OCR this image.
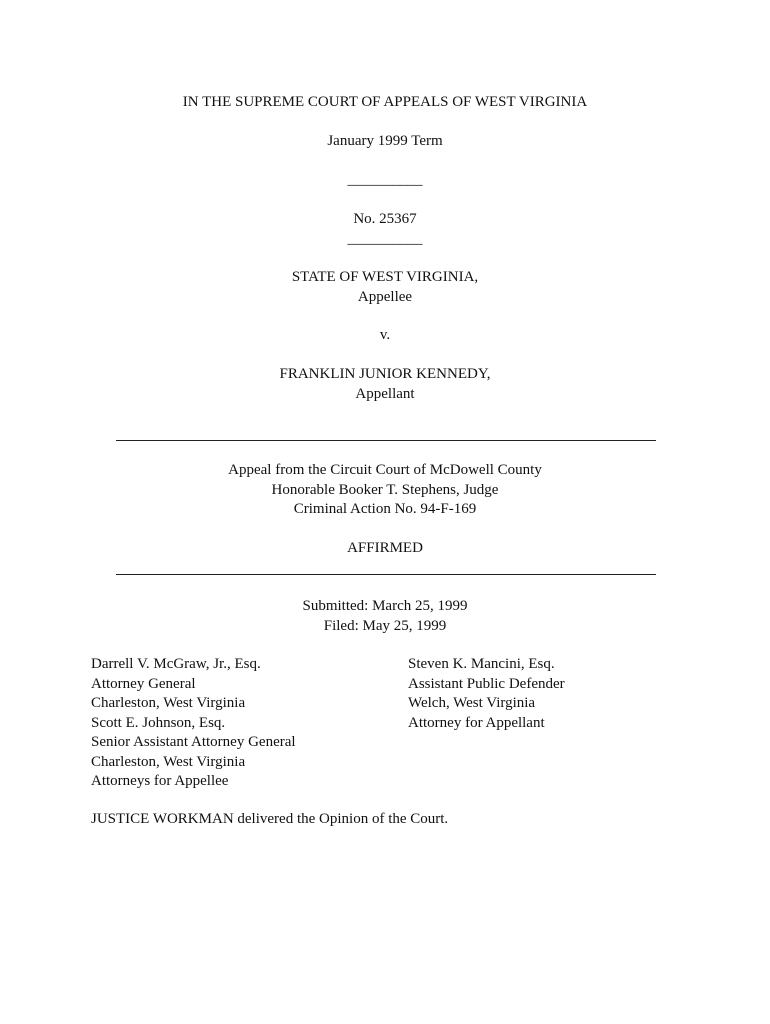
IN THE SUPREME COURT OF APPEALS OF WEST VIRGINIA
January 1999 Term
__________
No. 25367
__________
STATE OF WEST VIRGINIA,
Appellee
v.
FRANKLIN JUNIOR KENNEDY,
Appellant
Appeal from the Circuit Court of McDowell County
Honorable Booker T. Stephens, Judge
Criminal Action No. 94-F-169
AFFIRMED
Submitted: March 25, 1999
Filed: May 25, 1999
Darrell V. McGraw, Jr., Esq.
Attorney General
Charleston, West Virginia
Scott E. Johnson, Esq.
Senior Assistant Attorney General
Charleston, West Virginia
Attorneys for Appellee
Steven K. Mancini, Esq.
Assistant Public Defender
Welch, West Virginia
Attorney for Appellant
JUSTICE WORKMAN delivered the Opinion of the Court.
